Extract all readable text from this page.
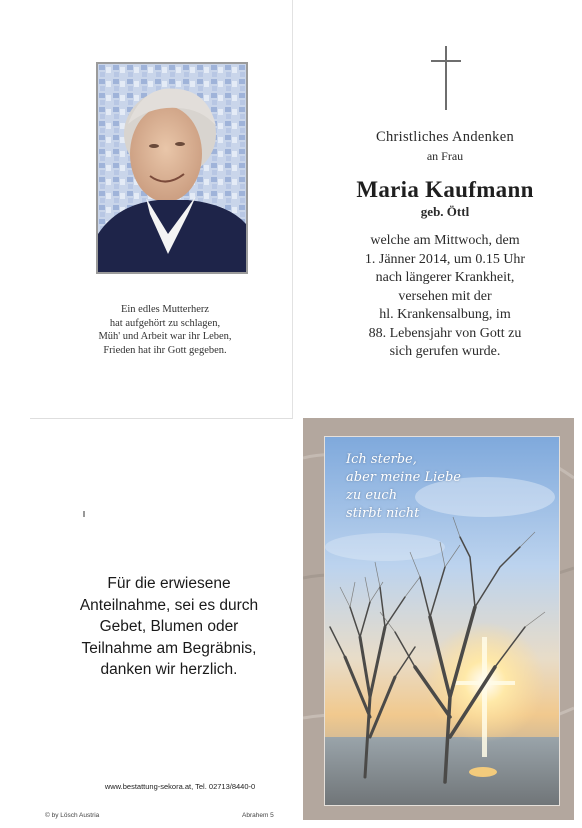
Ein edles Mutterherz
hat aufgehört zu schlagen,
Müh' und Arbeit war ihr Leben,
Frieden hat ihr Gott gegeben.
Christliches Andenken
an Frau
Maria Kaufmann
geb. Öttl
welche am Mittwoch, dem
1. Jänner 2014, um 0.15 Uhr
nach längerer Krankheit,
versehen mit der
hl. Krankensalbung, im
88. Lebensjahr von Gott zu
sich gerufen wurde.
Für die erwiesene
Anteilnahme, sei es durch
Gebet, Blumen oder
Teilnahme am Begräbnis,
danken wir herzlich.
www.bestattung-sekora.at, Tel. 02713/8440-0
© by Lösch Austria	Abrahem 5
Ich sterbe,
aber meine Liebe
zu euch
stirbt nicht
